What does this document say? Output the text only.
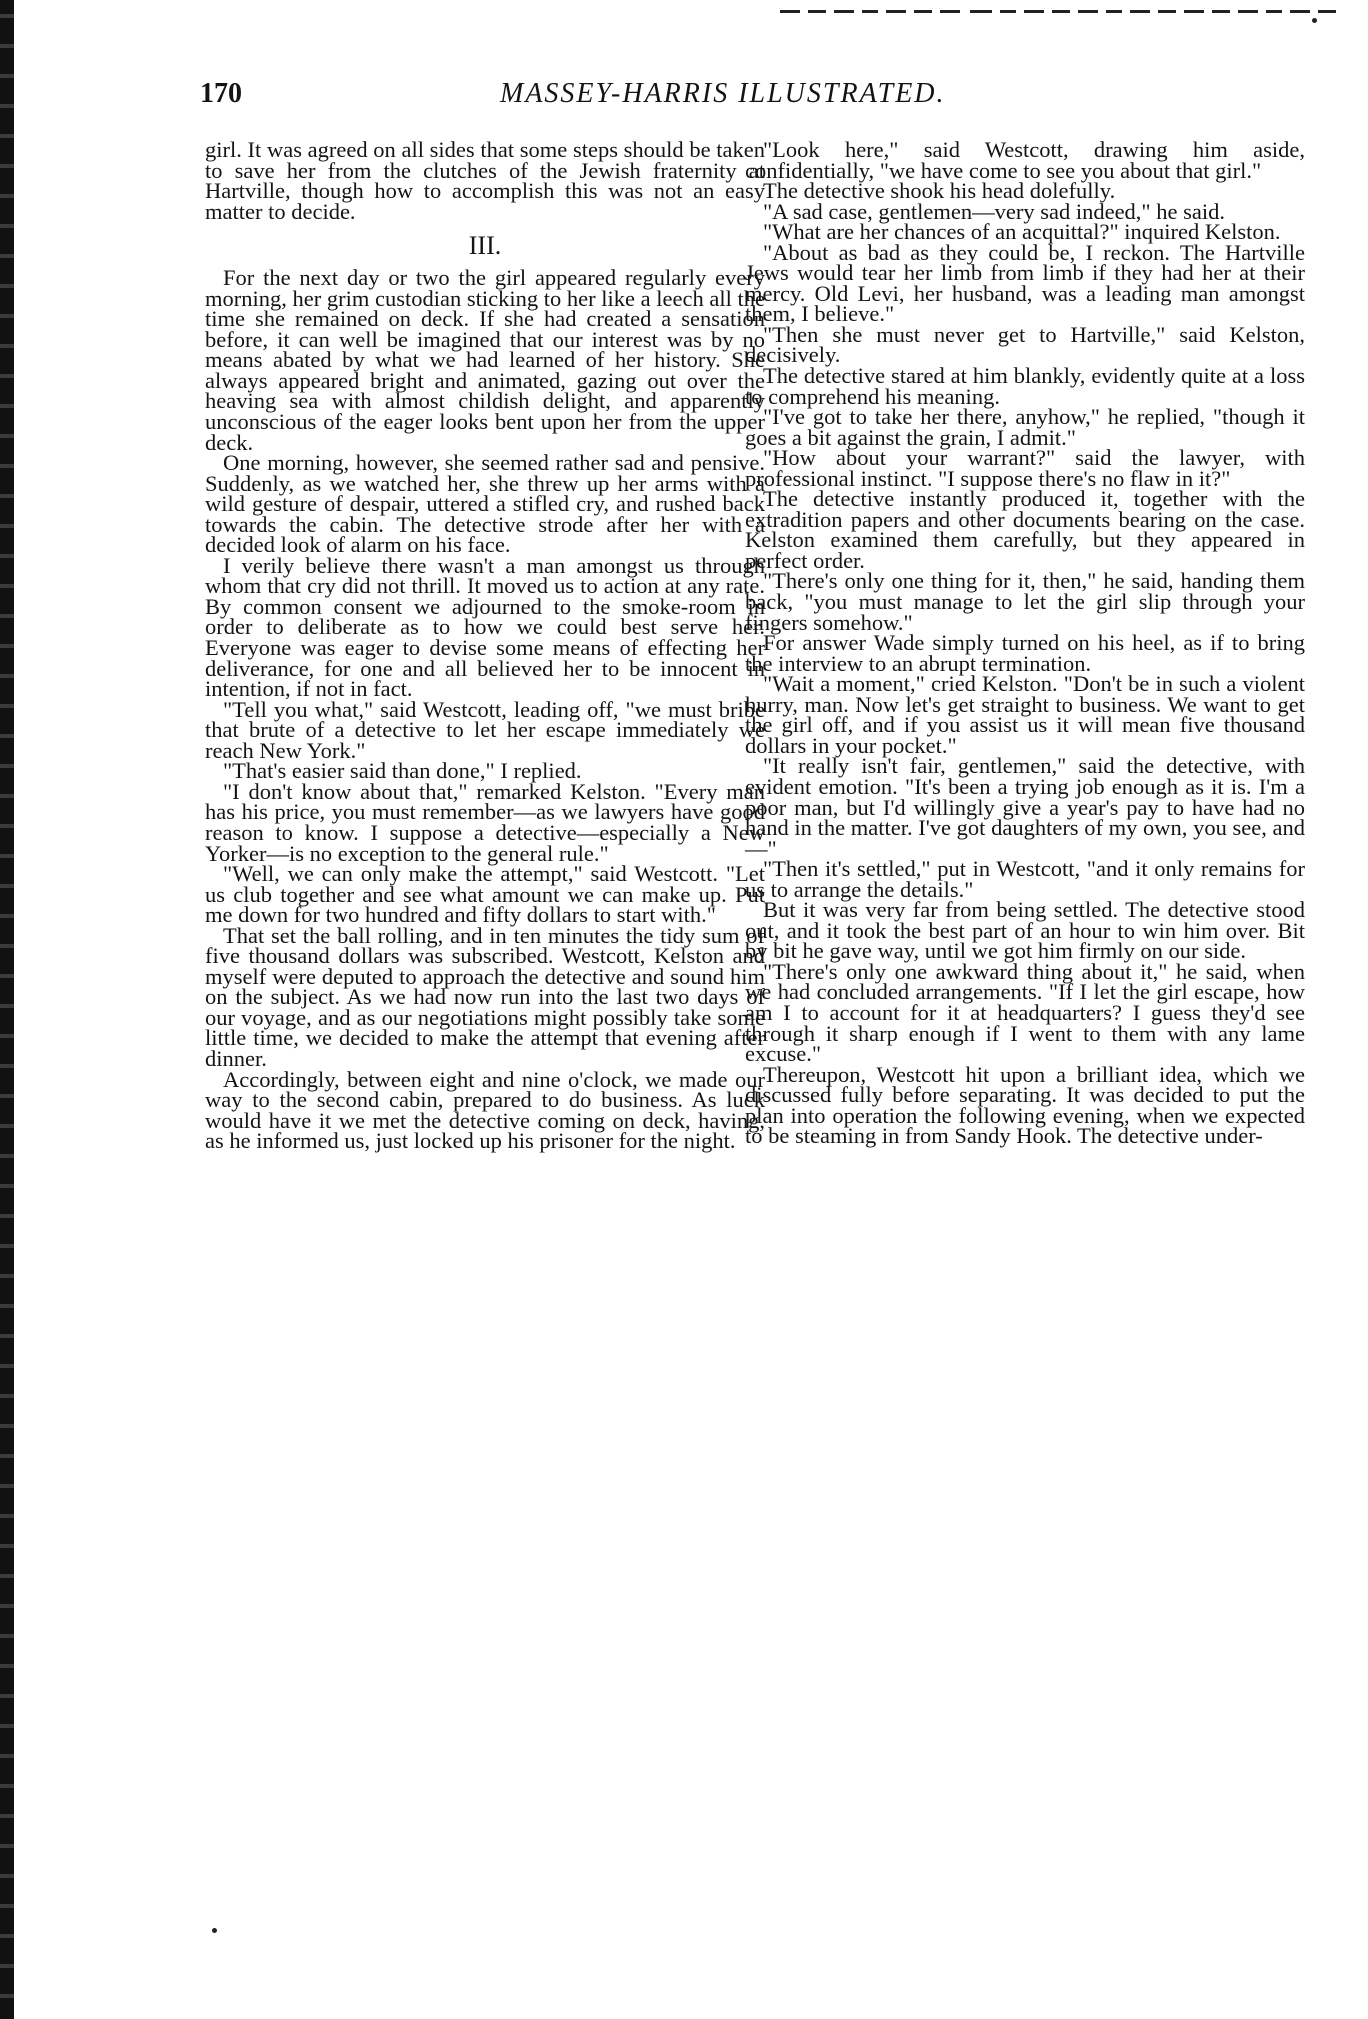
170	MASSEY-HARRIS ILLUSTRATED.

girl. It was agreed on all sides that some steps should be taken to save her from the clutches of the Jewish fraternity at Hartville, though how to accomplish this was not an easy matter to decide.

III.

For the next day or two the girl appeared regularly every morning, her grim custodian sticking to her like a leech all the time she remained on deck. If she had created a sensation before, it can well be imagined that our interest was by no means abated by what we had learned of her history. She always appeared bright and animated, gazing out over the heaving sea with almost childish delight, and apparently unconscious of the eager looks bent upon her from the upper deck.

One morning, however, she seemed rather sad and pensive. Suddenly, as we watched her, she threw up her arms with a wild gesture of despair, uttered a stifled cry, and rushed back towards the cabin. The detective strode after her with a decided look of alarm on his face.

I verily believe there wasn't a man amongst us through whom that cry did not thrill. It moved us to action at any rate. By common consent we adjourned to the smoke-room in order to deliberate as to how we could best serve her. Everyone was eager to devise some means of effecting her deliverance, for one and all believed her to be innocent in intention, if not in fact.

"Tell you what," said Westcott, leading off, "we must bribe that brute of a detective to let her escape immediately we reach New York."

"That's easier said than done," I replied.

"I don't know about that," remarked Kelston. "Every man has his price, you must remember—as we lawyers have good reason to know. I suppose a detective—especially a New Yorker—is no exception to the general rule."

"Well, we can only make the attempt," said Westcott. "Let us club together and see what amount we can make up. Put me down for two hundred and fifty dollars to start with."

That set the ball rolling, and in ten minutes the tidy sum of five thousand dollars was subscribed. Westcott, Kelston and myself were deputed to approach the detective and sound him on the subject. As we had now run into the last two days of our voyage, and as our negotiations might possibly take some little time, we decided to make the attempt that evening after dinner.

Accordingly, between eight and nine o'clock, we made our way to the second cabin, prepared to do business. As luck would have it we met the detective coming on deck, having, as he informed us, just locked up his prisoner for the night.

"Look here," said Westcott, drawing him aside, confidentially, "we have come to see you about that girl."

The detective shook his head dolefully.

"A sad case, gentlemen—very sad indeed," he said.

"What are her chances of an acquittal?" inquired Kelston.

"About as bad as they could be, I reckon. The Hartville Jews would tear her limb from limb if they had her at their mercy. Old Levi, her husband, was a leading man amongst them, I believe."

"Then she must never get to Hartville," said Kelston, decisively.

The detective stared at him blankly, evidently quite at a loss to comprehend his meaning.

"I've got to take her there, anyhow," he replied, "though it goes a bit against the grain, I admit."

"How about your warrant?" said the lawyer, with professional instinct. "I suppose there's no flaw in it?"

The detective instantly produced it, together with the extradition papers and other documents bearing on the case. Kelston examined them carefully, but they appeared in perfect order.

"There's only one thing for it, then," he said, handing them back, "you must manage to let the girl slip through your fingers somehow."

For answer Wade simply turned on his heel, as if to bring the interview to an abrupt termination.

"Wait a moment," cried Kelston. "Don't be in such a violent hurry, man. Now let's get straight to business. We want to get the girl off, and if you assist us it will mean five thousand dollars in your pocket."

"It really isn't fair, gentlemen," said the detective, with evident emotion. "It's been a trying job enough as it is. I'm a poor man, but I'd willingly give a year's pay to have had no hand in the matter. I've got daughters of my own, you see, and—"

"Then it's settled," put in Westcott, "and it only remains for us to arrange the details."

But it was very far from being settled. The detective stood out, and it took the best part of an hour to win him over. Bit by bit he gave way, until we got him firmly on our side.

"There's only one awkward thing about it," he said, when we had concluded arrangements. "If I let the girl escape, how am I to account for it at headquarters? I guess they'd see through it sharp enough if I went to them with any lame excuse."

Thereupon, Westcott hit upon a brilliant idea, which we discussed fully before separating. It was decided to put the plan into operation the following evening, when we expected to be steaming in from Sandy Hook. The detective under-
